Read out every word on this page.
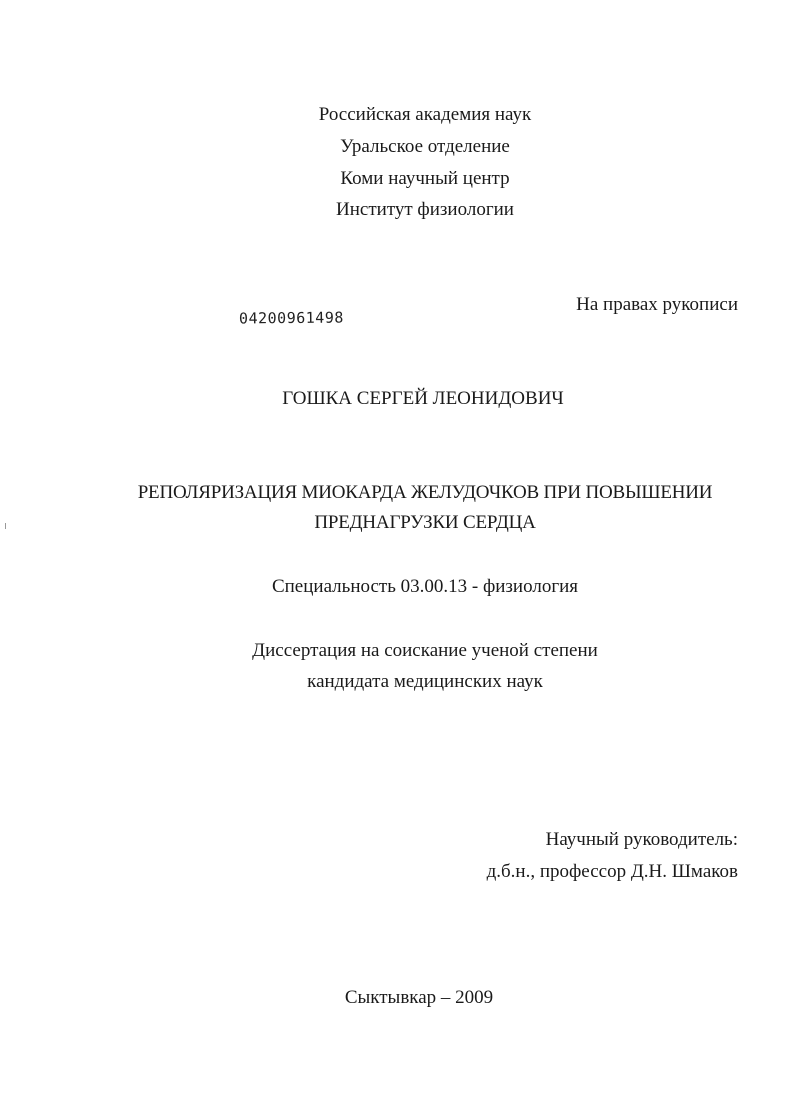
Российская академия наук
Уральское отделение
Коми научный центр
Институт физиологии
04200961498
На правах рукописи
ГОШКА СЕРГЕЙ ЛЕОНИДОВИЧ
РЕПОЛЯРИЗАЦИЯ МИОКАРДА ЖЕЛУДОЧКОВ ПРИ ПОВЫШЕНИИ
ПРЕДНАГРУЗКИ СЕРДЦА
Специальность 03.00.13 - физиология
Диссертация на соискание ученой степени
кандидата медицинских наук
Научный руководитель:
д.б.н., профессор Д.Н. Шмаков
Сыктывкар – 2009
